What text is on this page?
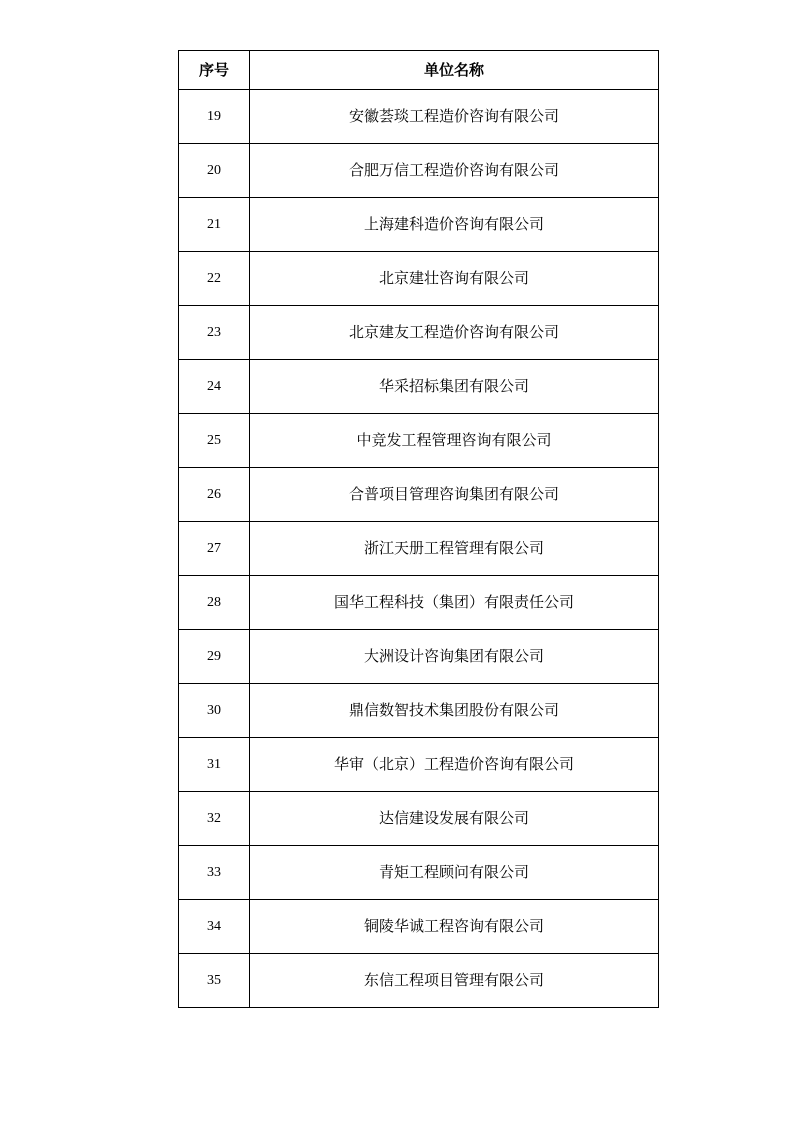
序号	单位名称
19	安徽荟琰工程造价咨询有限公司
20	合肥万信工程造价咨询有限公司
21	上海建科造价咨询有限公司
22	北京建壮咨询有限公司
23	北京建友工程造价咨询有限公司
24	华采招标集团有限公司
25	中竞发工程管理咨询有限公司
26	合普项目管理咨询集团有限公司
27	浙江天册工程管理有限公司
28	国华工程科技（集团）有限责任公司
29	大洲设计咨询集团有限公司
30	鼎信数智技术集团股份有限公司
31	华审（北京）工程造价咨询有限公司
32	达信建设发展有限公司
33	青矩工程顾问有限公司
34	铜陵华诚工程咨询有限公司
35	东信工程项目管理有限公司
